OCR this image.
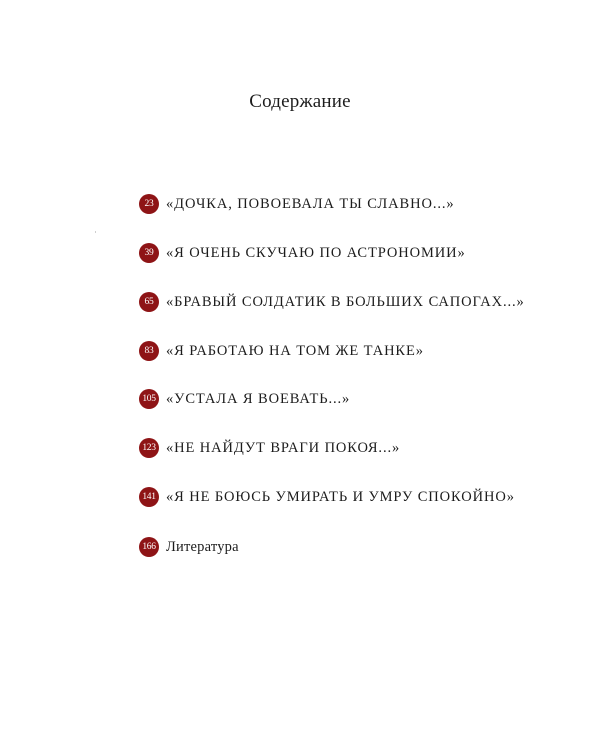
Содержание
23 «ДОЧКА, ПОВОЕВАЛА ТЫ СЛАВНО...»
39 «Я ОЧЕНЬ СКУЧАЮ ПО АСТРОНОМИИ»
65 «БРАВЫЙ СОЛДАТИК В БОЛЬШИХ САПОГАХ...»
83 «Я РАБОТАЮ НА ТОМ ЖЕ ТАНКЕ»
105 «УСТАЛА Я ВОЕВАТЬ...»
123 «НЕ НАЙДУТ ВРАГИ ПОКОЯ...»
141 «Я НЕ БОЮСЬ УМИРАТЬ И УМРУ СПОКОЙНО»
166 Литература
